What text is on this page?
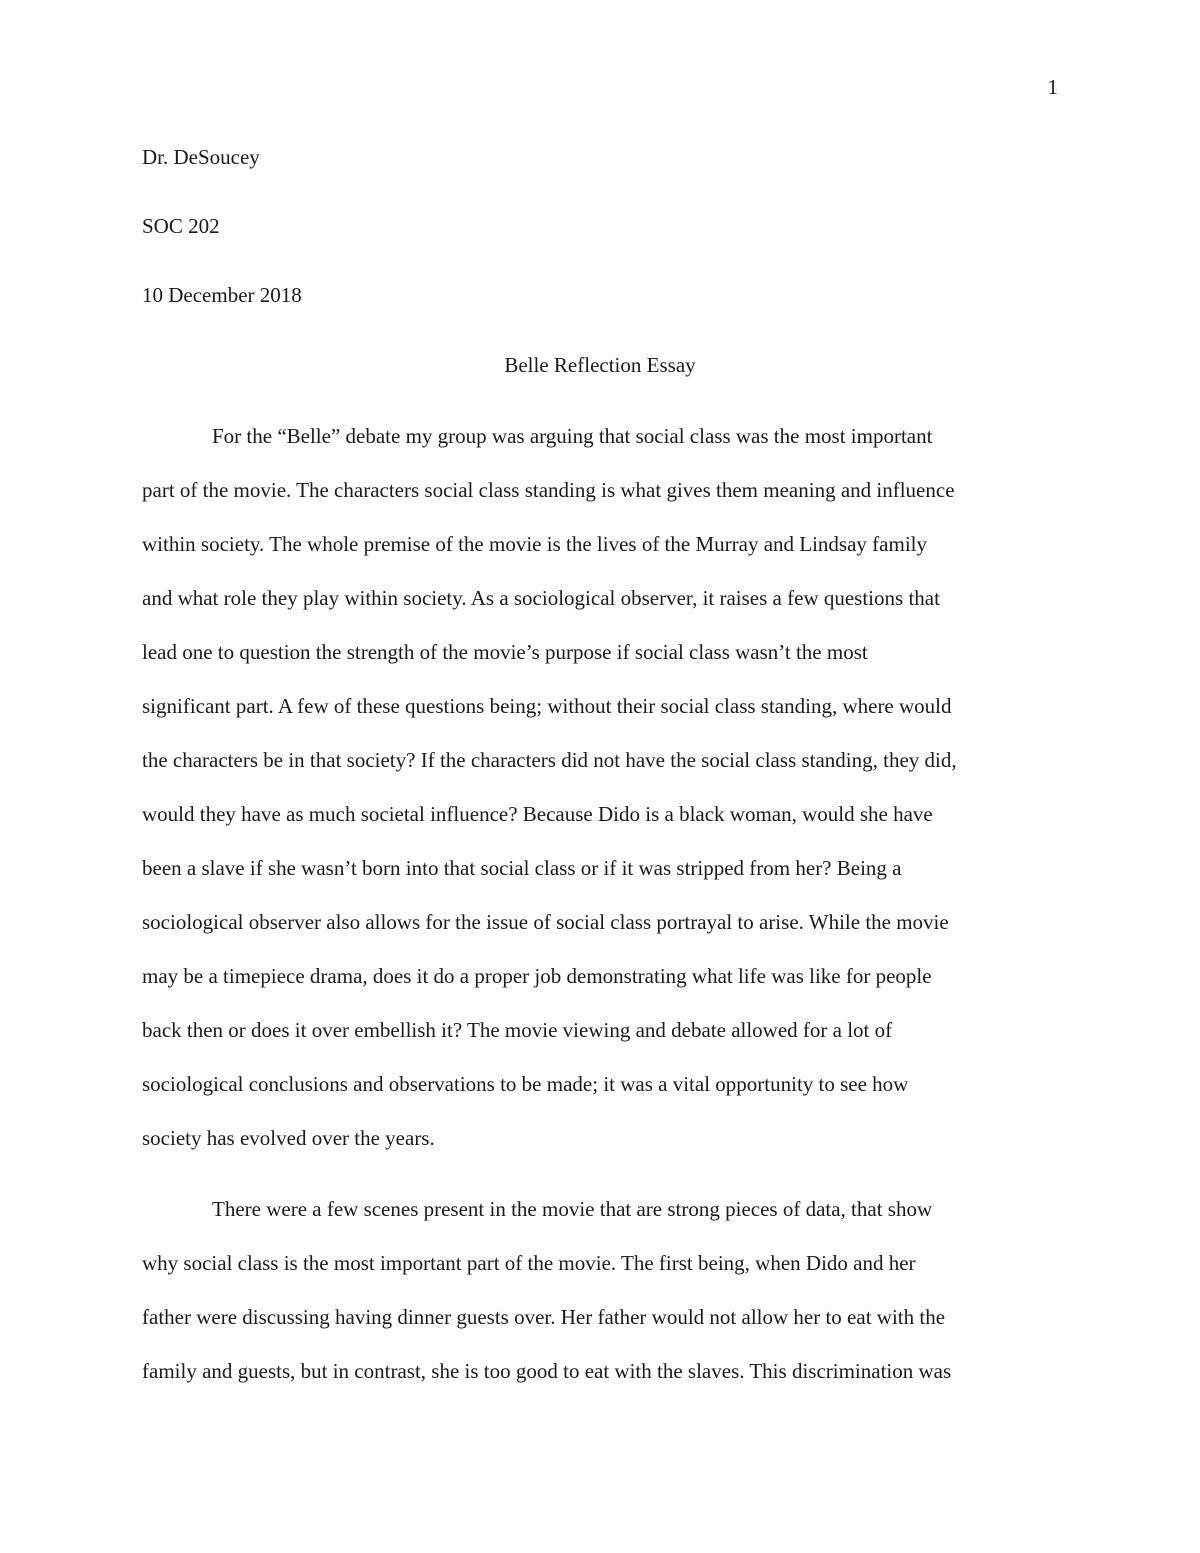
1
Dr. DeSoucey
SOC 202
10 December 2018
Belle Reflection Essay
For the “Belle” debate my group was arguing that social class was the most important
part of the movie. The characters social class standing is what gives them meaning and influence
within society. The whole premise of the movie is the lives of the Murray and Lindsay family
and what role they play within society. As a sociological observer, it raises a few questions that
lead one to question the strength of the movie’s purpose if social class wasn’t the most
significant part. A few of these questions being; without their social class standing, where would
the characters be in that society? If the characters did not have the social class standing, they did,
would they have as much societal influence? Because Dido is a black woman, would she have
been a slave if she wasn’t born into that social class or if it was stripped from her? Being a
sociological observer also allows for the issue of social class portrayal to arise. While the movie
may be a timepiece drama, does it do a proper job demonstrating what life was like for people
back then or does it over embellish it? The movie viewing and debate allowed for a lot of
sociological conclusions and observations to be made; it was a vital opportunity to see how
society has evolved over the years.
There were a few scenes present in the movie that are strong pieces of data, that show
why social class is the most important part of the movie. The first being, when Dido and her
father were discussing having dinner guests over. Her father would not allow her to eat with the
family and guests, but in contrast, she is too good to eat with the slaves. This discrimination was
